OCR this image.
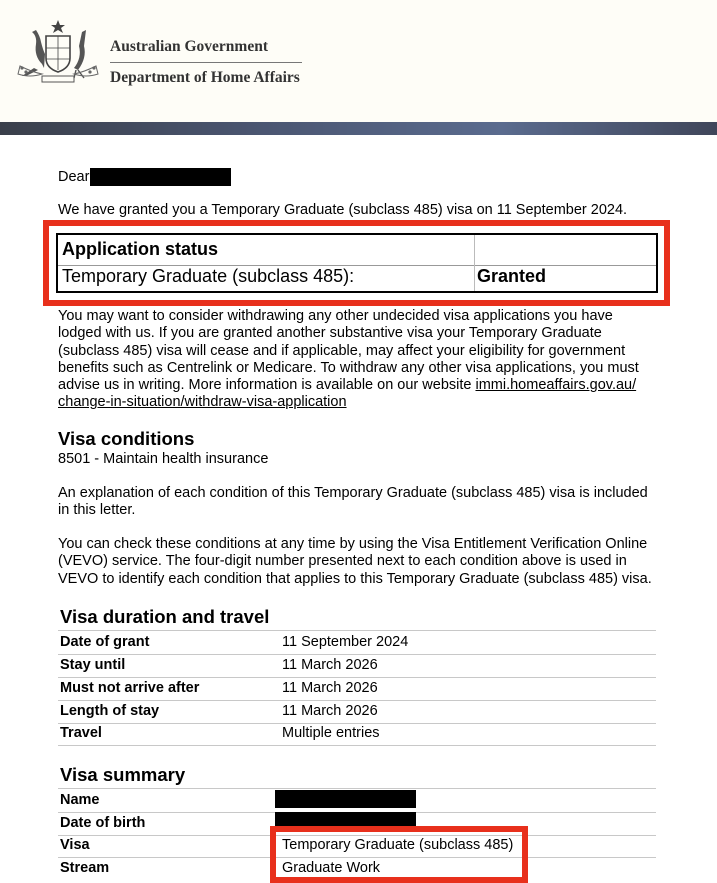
Australian Government
Department of Home Affairs
Dear
We have granted you a Temporary Graduate (subclass 485) visa on 11 September 2024.
Application status
Temporary Graduate (subclass 485):	Granted
You may want to consider withdrawing any other undecided visa applications you have lodged with us. If you are granted another substantive visa your Temporary Graduate (subclass 485) visa will cease and if applicable, may affect your eligibility for government benefits such as Centrelink or Medicare. To withdraw any other visa applications, you must advise us in writing. More information is available on our website immi.homeaffairs.gov.au/ change-in-situation/withdraw-visa-application
Visa conditions
8501 - Maintain health insurance
An explanation of each condition of this Temporary Graduate (subclass 485) visa is included in this letter.
You can check these conditions at any time by using the Visa Entitlement Verification Online (VEVO) service. The four-digit number presented next to each condition above is used in VEVO to identify each condition that applies to this Temporary Graduate (subclass 485) visa.
Visa duration and travel
Date of grant	11 September 2024
Stay until	11 March 2026
Must not arrive after	11 March 2026
Length of stay	11 March 2026
Travel	Multiple entries
Visa summary
Name
Date of birth
Visa	Temporary Graduate (subclass 485)
Stream	Graduate Work
